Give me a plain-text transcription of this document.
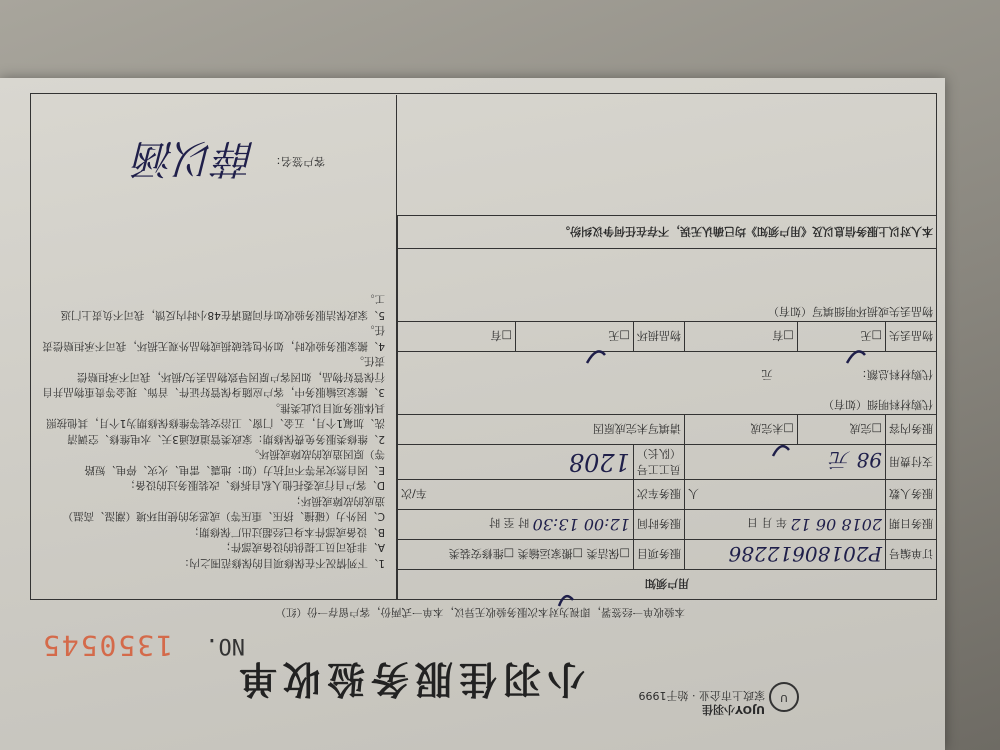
U
UJOY小羽佳
家政上市企业 · 始于1999
小羽佳服务验收单
NO.
1350545
本验收单一经签署，即视为对本次服务验收无异议，本单一式两份，客户留存一份（红）
用户须知					
订单编号	P20180612286		服务项目	□保洁类 □搬家运输类 □维修安装类	
服务日期	2018 06 12 年 月 日		服务时间	12:00 13:30 时 至 时	
服务人数	人		服务车次	车/次	
支付费用	98 元		员工工号（队长）	1208	
服务内容	□完成	□未完成	请填写未完成原因		

代购材料明细（如有）
代购材料总额： 元					

物品丢失	□无	□有	物品损坏	□无	□有
物品丢失或损坏明细填写（如有）					
本人对以上服务信息以及《用户须知》均已确认无误，不存在任何争议纠纷。					
1、下列情况不在保修项目的保修范围之内：
A、非我司员工提供的设备或部件；
B、设备或部件本身已经超过出厂保修期；
C、因外力（碰撞、挤压、重压等）或恶劣的使用环境（潮湿、高温）
造成的故障或损坏；
D、客户自行或委托他人私自拆修、改装服务过的设备；
E、因自然灾害等不可抗力（如：地震、雷电、火灾、停电、短路
等）原因造成的故障或损坏。
2、维修类服务免费保修期：家政类管道疏通3天、水电维修、空调清
洗、加氟1个月，五金、门窗、卫浴安装等维修保修期为1个月，其他按照具体服务项目以此类推。
3、搬家运输服务中，客户应随身保管好证件、首饰、现金等贵重物品并自
行保管好物品，如因客户原因导致物品丢失/损坏，我司不承担赔偿
责任。
4、搬家服务验收时，如外包装破损或物品外观无损坏，我司不承担赔偿责任。
5、家政保洁服务验收如有问题请在48小时内反馈，我司不负责上门返工。
客户签名：
薛以涵
